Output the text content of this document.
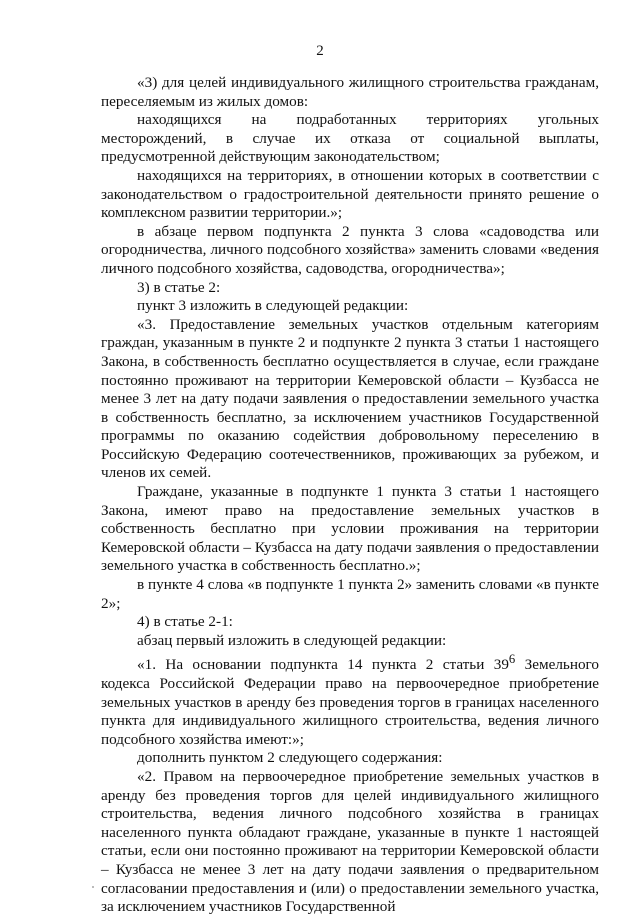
2

«3) для целей индивидуального жилищного строительства гражданам, переселяемым из жилых домов:

находящихся на подработанных территориях угольных месторождений, в случае их отказа от социальной выплаты, предусмотренной действующим законодательством;

находящихся на территориях, в отношении которых в соответствии с законодательством о градостроительной деятельности принято решение о комплексном развитии территории.»;

в абзаце первом подпункта 2 пункта 3 слова «садоводства или огородничества, личного подсобного хозяйства» заменить словами «ведения личного подсобного хозяйства, садоводства, огородничества»;

3) в статье 2:

пункт 3 изложить в следующей редакции:

«3. Предоставление земельных участков отдельным категориям граждан, указанным в пункте 2 и подпункте 2 пункта 3 статьи 1 настоящего Закона, в собственность бесплатно осуществляется в случае, если граждане постоянно проживают на территории Кемеровской области – Кузбасса не менее 3 лет на дату подачи заявления о предоставлении земельного участка в собственность бесплатно, за исключением участников Государственной программы по оказанию содействия добровольному переселению в Российскую Федерацию соотечественников, проживающих за рубежом, и членов их семей.

Граждане, указанные в подпункте 1 пункта 3 статьи 1 настоящего Закона, имеют право на предоставление земельных участков в собственность бесплатно при условии проживания на территории Кемеровской области – Кузбасса на дату подачи заявления о предоставлении земельного участка в собственность бесплатно.»;

в пункте 4 слова «в подпункте 1 пункта 2» заменить словами «в пункте 2»;

4) в статье 2-1:

абзац первый изложить в следующей редакции:

«1. На основании подпункта 14 пункта 2 статьи $39^6$ Земельного кодекса Российской Федерации право на первоочередное приобретение земельных участков в аренду без проведения торгов в границах населенного пункта для индивидуального жилищного строительства, ведения личного подсобного хозяйства имеют:»;

дополнить пунктом 2 следующего содержания:

«2. Правом на первоочередное приобретение земельных участков в аренду без проведения торгов для целей индивидуального жилищного строительства, ведения личного подсобного хозяйства в границах населенного пункта обладают граждане, указанные в пункте 1 настоящей статьи, если они постоянно проживают на территории Кемеровской области – Кузбасса не менее 3 лет на дату подачи заявления о предварительном согласовании предоставления и (или) о предоставлении земельного участка, за исключением участников Государственной
